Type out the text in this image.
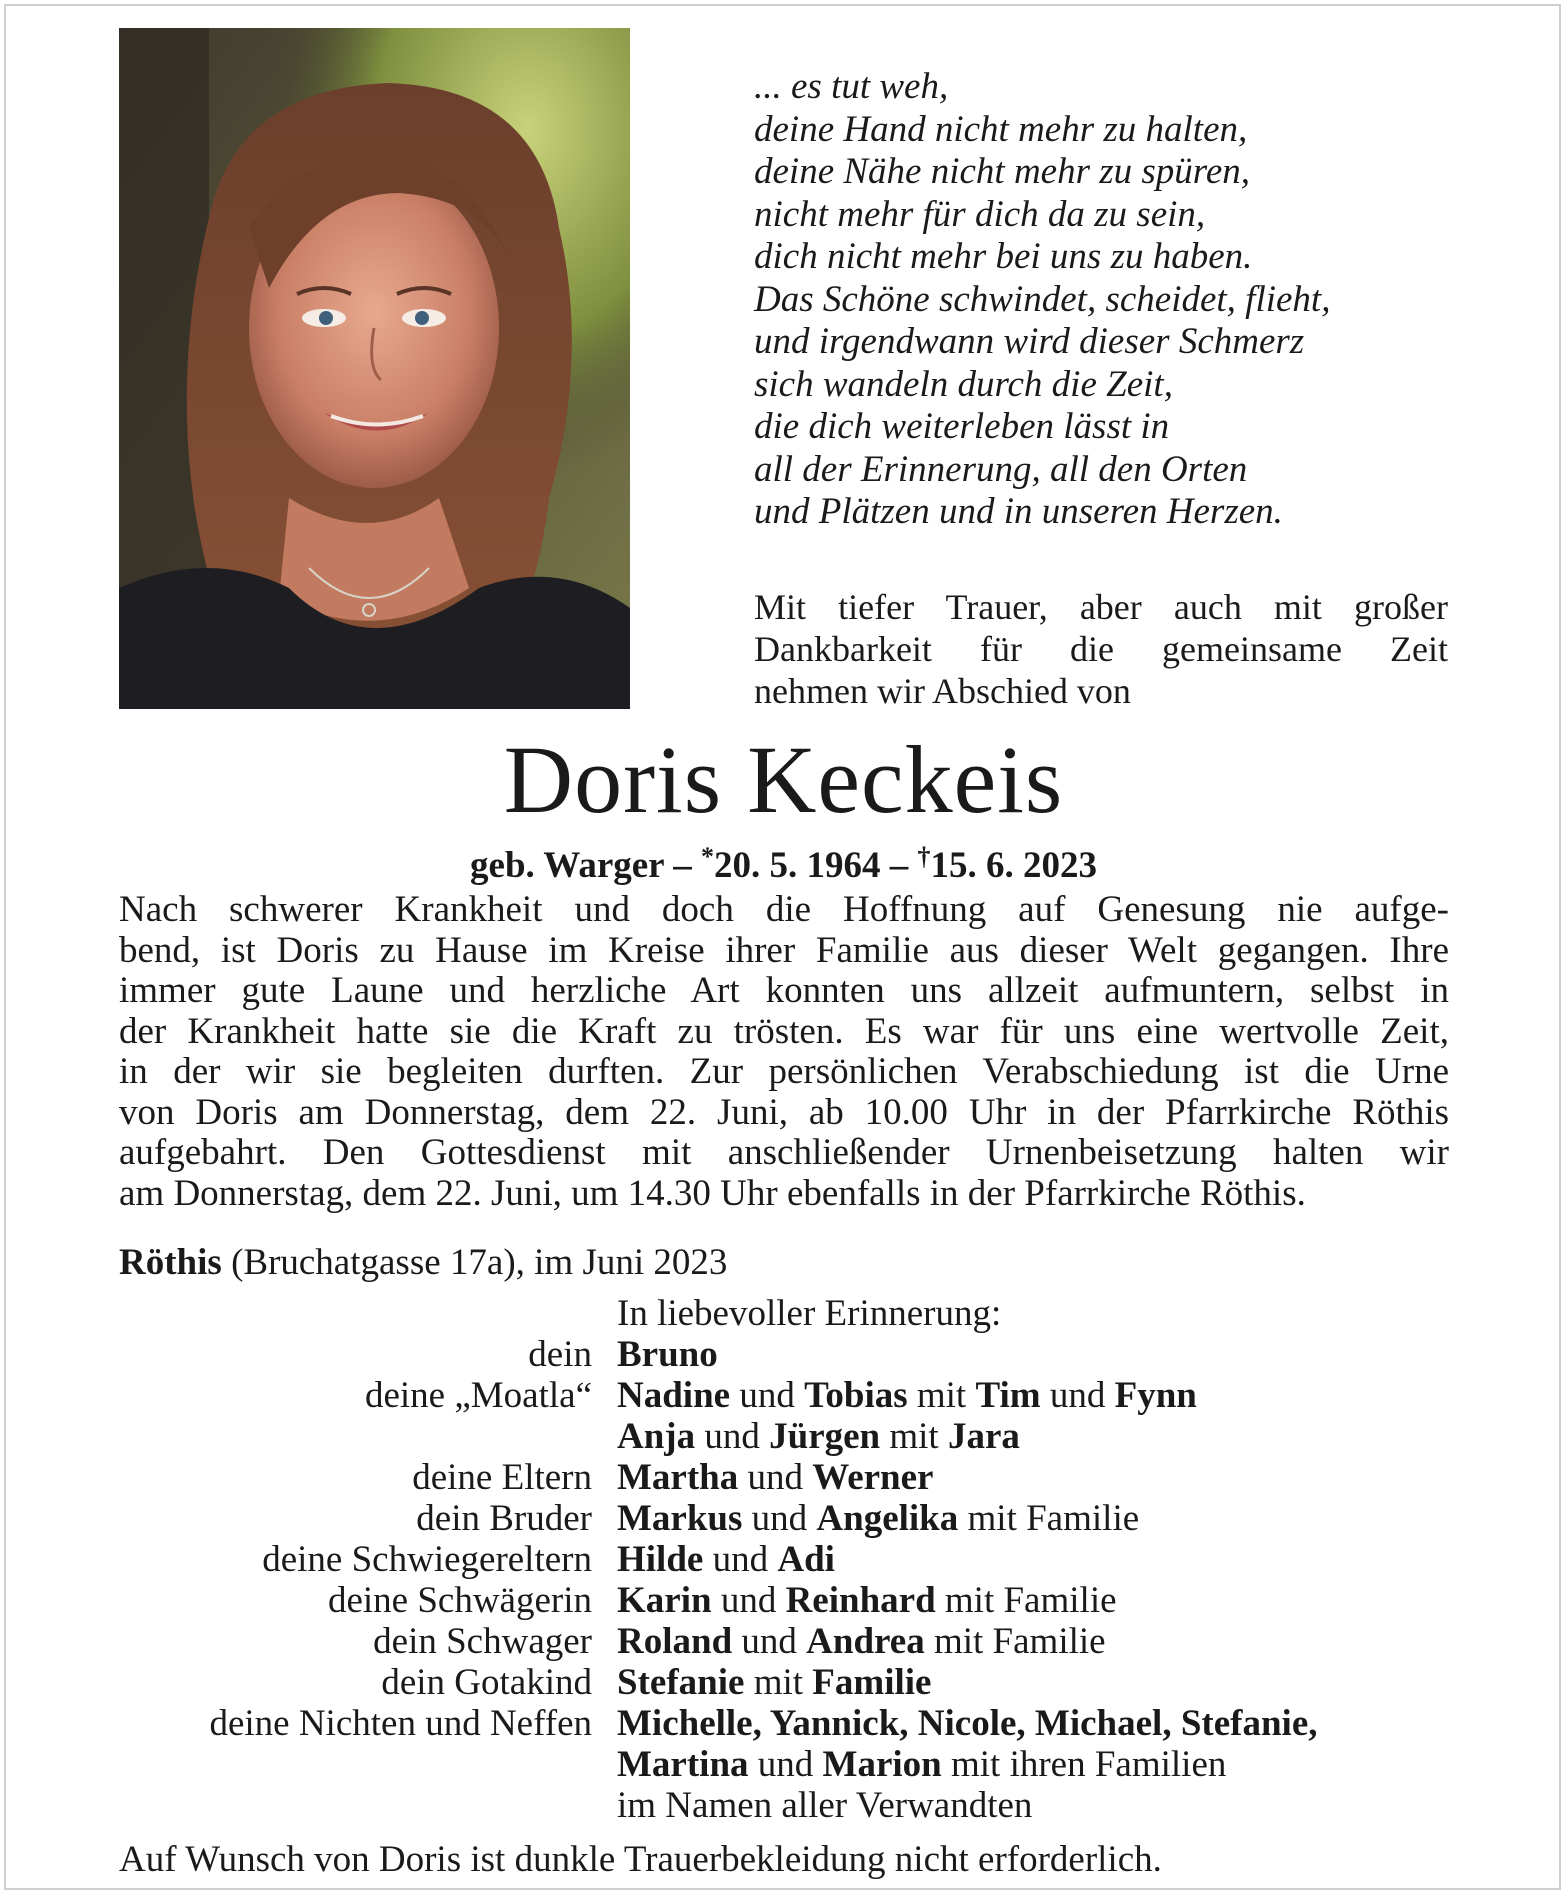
... es tut weh,
deine Hand nicht mehr zu halten,
deine Nähe nicht mehr zu spüren,
nicht mehr für dich da zu sein,
dich nicht mehr bei uns zu haben.
Das Schöne schwindet, scheidet, flieht,
und irgendwann wird dieser Schmerz
sich wandeln durch die Zeit,
die dich weiterleben lässt in
all der Erinnerung, all den Orten
und Plätzen und in unseren Herzen.
Mit tiefer Trauer, aber auch mit großer
Dankbarkeit für die gemeinsame Zeit
nehmen wir Abschied von
Doris Keckeis
geb. Warger – *20. 5. 1964 – †15. 6. 2023
Nach schwerer Krankheit und doch die Hoffnung auf Genesung nie aufge-
bend, ist Doris zu Hause im Kreise ihrer Familie aus dieser Welt gegangen. Ihre
immer gute Laune und herzliche Art konnten uns allzeit aufmuntern, selbst in
der Krankheit hatte sie die Kraft zu trösten. Es war für uns eine wertvolle Zeit,
in der wir sie begleiten durften. Zur persönlichen Verabschiedung ist die Urne
von Doris am Donnerstag, dem 22. Juni, ab 10.00 Uhr in der Pfarrkirche Röthis
aufgebahrt. Den Gottesdienst mit anschließender Urnenbeisetzung halten wir
am Donnerstag, dem 22. Juni, um 14.30 Uhr ebenfalls in der Pfarrkirche Röthis.
Röthis (Bruchatgasse 17a), im Juni 2023
In liebevoller Erinnerung:
dein Bruno
deine „Moatla“ Nadine und Tobias mit Tim und Fynn
Anja und Jürgen mit Jara
deine Eltern Martha und Werner
dein Bruder Markus und Angelika mit Familie
deine Schwiegereltern Hilde und Adi
deine Schwägerin Karin und Reinhard mit Familie
dein Schwager Roland und Andrea mit Familie
dein Gotakind Stefanie mit Familie
deine Nichten und Neffen Michelle, Yannick, Nicole, Michael, Stefanie,
Martina und Marion mit ihren Familien
im Namen aller Verwandten
Auf Wunsch von Doris ist dunkle Trauerbekleidung nicht erforderlich.
